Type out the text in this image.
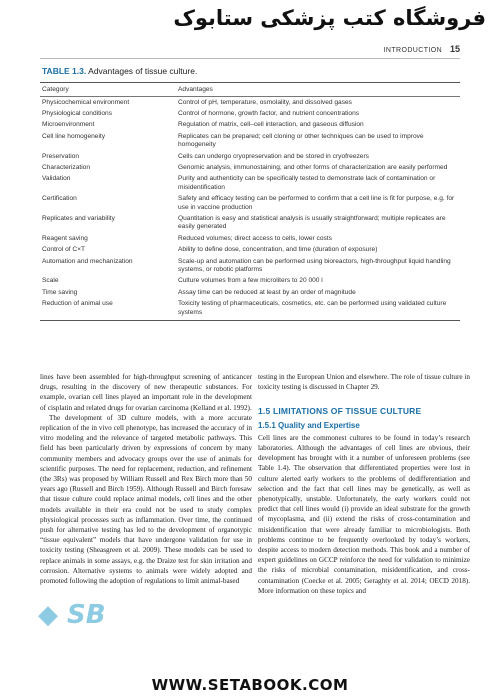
فروشگاه کتب پزشکی ستابوک
INTRODUCTION 15
TABLE 1.3. Advantages of tissue culture.
Category	Advantages
Physicochemical environment	Control of pH, temperature, osmolality, and dissolved gases
Physiological conditions	Control of hormone, growth factor, and nutrient concentrations
Microenvironment	Regulation of matrix, cell–cell interaction, and gaseous diffusion
Cell line homogeneity	Replicates can be prepared; cell cloning or other techniques can be used to improve homogeneity
Preservation	Cells can undergo cryopreservation and be stored in cryofreezers
Characterization	Genomic analysis, immunostaining, and other forms of characterization are easily performed
Validation	Purity and authenticity can be specifically tested to demonstrate lack of contamination or misidentification
Certification	Safety and efficacy testing can be performed to confirm that a cell line is fit for purpose, e.g. for use in vaccine production
Replicates and variability	Quantitation is easy and statistical analysis is usually straightforward; multiple replicates are easily generated
Reagent saving	Reduced volumes; direct access to cells, lower costs
Control of C×T	Ability to define dose, concentration, and time (duration of exposure)
Automation and mechanization	Scale-up and automation can be performed using bioreactors, high-throughput liquid handling systems, or robotic platforms
Scale	Culture volumes from a few microliters to 20 000 l
Time saving	Assay time can be reduced at least by an order of magnitude
Reduction of animal use	Toxicity testing of pharmaceuticals, cosmetics, etc. can be performed using validated culture systems

lines have been assembled for high-throughput screening of anticancer drugs, resulting in the discovery of new therapeutic substances. For example, ovarian cell lines played an important role in the development of cisplatin and related drugs for ovarian carcinoma (Kelland et al. 1992).

The development of 3D culture models, with a more accurate replication of the in vivo cell phenotype, has increased the accuracy of in vitro modeling and the relevance of targeted metabolic pathways. This field has been particularly driven by expressions of concern by many community members and advocacy groups over the use of animals for scientific purposes. The need for replacement, reduction, and refinement (the 3Rs) was proposed by William Russell and Rex Birch more than 50 years ago (Russell and Birch 1959). Although Russell and Birch foresaw that tissue culture could replace animal models, cell lines and the other models available in their era could not be used to study complex physiological processes such as inflammation. Over time, the continued push for alternative testing has led to the development of organotypic “tissue equivalent” models that have undergone validation for use in toxicity testing (Sheasgreen et al. 2009). These models can be used to replace animals in some assays, e.g. the Draize test for skin irritation and corrosion. Alternative systems to animals were widely adopted and promoted following the adoption of regulations to limit animal-based

testing in the European Union and elsewhere. The role of tissue culture in toxicity testing is discussed in Chapter 29.

1.5 LIMITATIONS OF TISSUE CULTURE
1.5.1 Quality and Expertise

Cell lines are the commonest cultures to be found in today’s research laboratories. Although the advantages of cell lines are obvious, their development has brought with it a number of unforeseen problems (see Table 1.4). The observation that differentiated properties were lost in culture alerted early workers to the problems of dedifferentiation and selection and the fact that cell lines may be genetically, as well as phenotypically, unstable. Unfortunately, the early workers could not predict that cell lines would (i) provide an ideal substrate for the growth of mycoplasma, and (ii) extend the risks of cross-contamination and misidentification that were already familiar to microbiologists. Both problems continue to be frequently overlooked by today’s workers, despite access to modern detection methods. This book and a number of expert guidelines on GCCP reinforce the need for validation to minimize the risks of microbial contamination, misidentification, and cross-contamination (Coecke et al. 2005; Geraghty et al. 2014; OECD 2018). More information on these topics and

◆ SB
WWW.SETABOOK.COM
